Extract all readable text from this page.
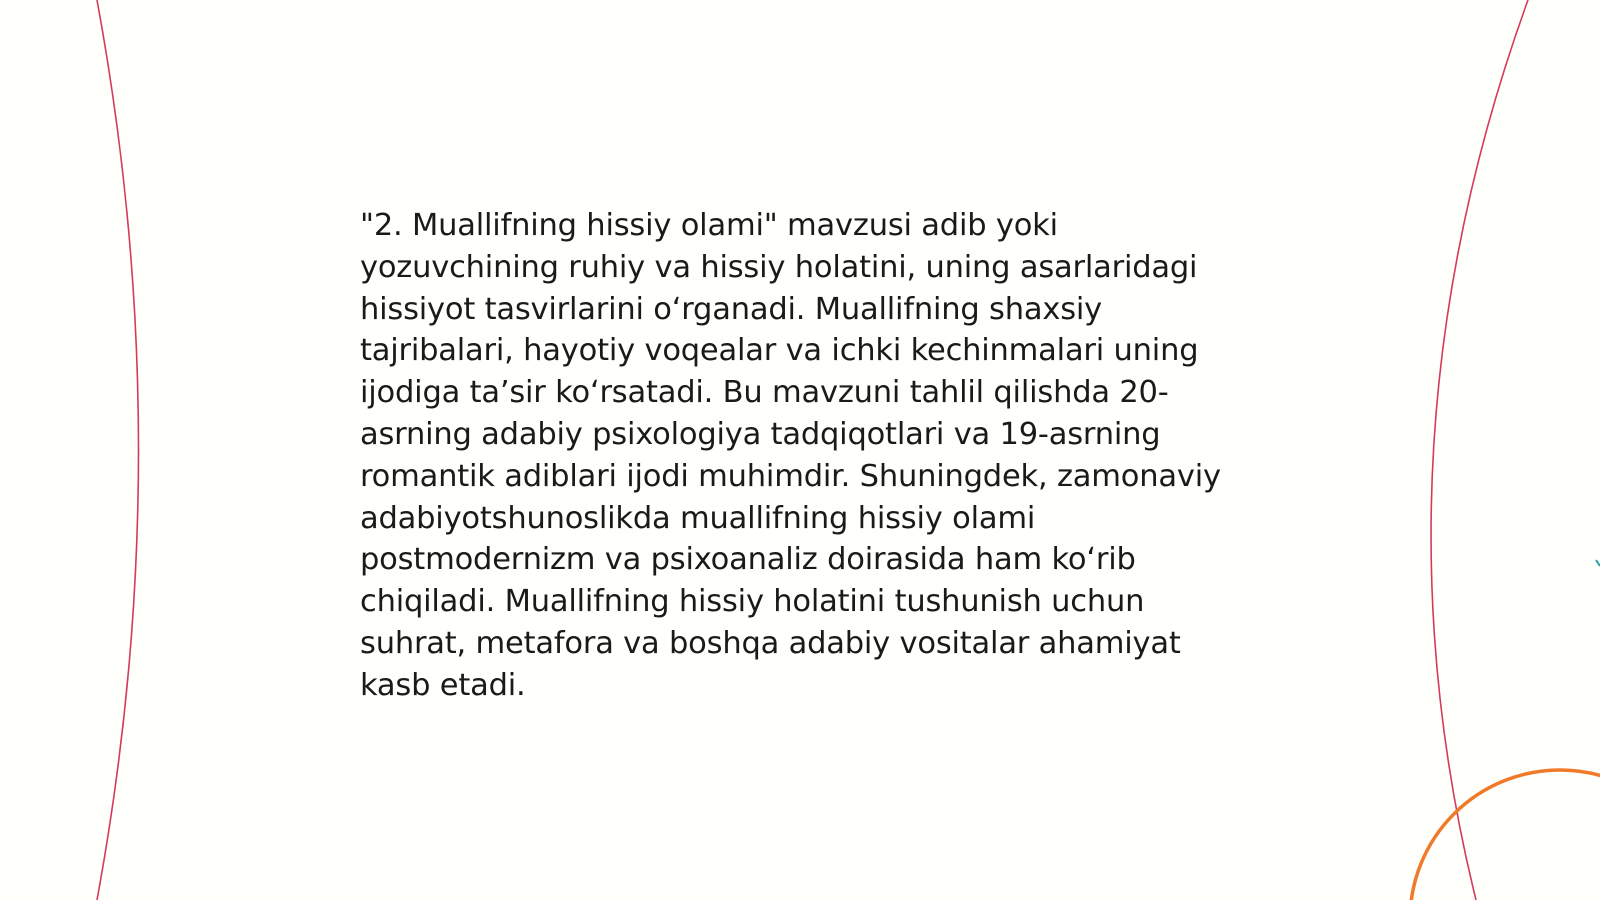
"2. Muallifning hissiy olami" mavzusi adib yoki yozuvchining ruhiy va hissiy holatini, uning asarlaridagi hissiyot tasvirlarini o‘rganadi. Muallifning shaxsiy tajribalari, hayotiy voqealar va ichki kechinmalari uning ijodiga ta’sir ko‘rsatadi. Bu mavzuni tahlil qilishda 20-asrning adabiy psixologiya tadqiqotlari va 19-asrning romantik adiblari ijodi muhimdir. Shuningdek, zamonaviy adabiyotshunoslikda muallifning hissiy olami postmodernizm va psixoanaliz doirasida ham ko‘rib chiqiladi. Muallifning hissiy holatini tushunish uchun suhrat, metafora va boshqa adabiy vositalar ahamiyat kasb etadi.
